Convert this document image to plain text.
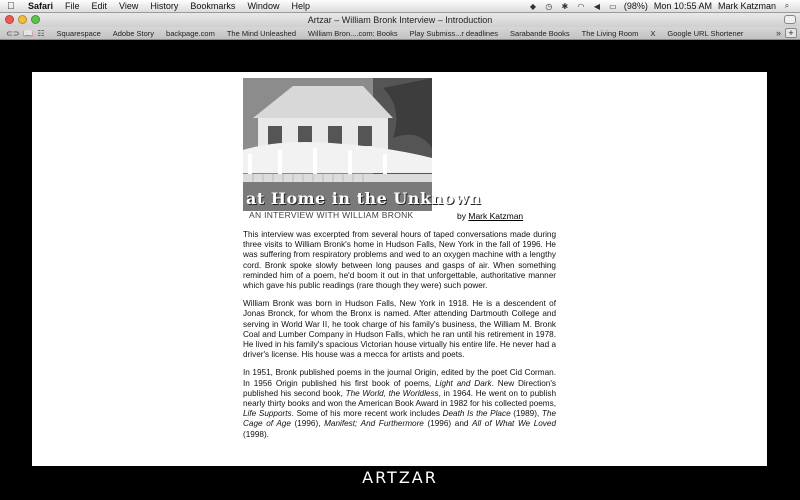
Safari	File	Edit	View	History	Bookmarks	Window	Help	◆ ◷ ✱ ◠ ◀ ▭ (98%) Mon 10:55 AM Mark Katzman	⌕
Artzar – William Bronk Interview – Introduction
⊂⊃ 📖 ☷	Squarespace	Adobe Story	backpage.com	The Mind Unleashed	William Bron....com: Books	Play Submiss...r deadlines	Sarabande Books	The Living Room	X	Google URL Shortener	» +
at Home in the Unknown
AN INTERVIEW WITH WILLIAM BRONK	by Mark Katzman

This interview was excerpted from several hours of taped conversations made during three visits to William Bronk's home in Hudson Falls, New York in the fall of 1996. He was suffering from respiratory problems and wed to an oxygen machine with a lengthy cord. Bronk spoke slowly between long pauses and gasps of air. When something reminded him of a poem, he'd boom it out in that unforgettable, authoritative manner which gave his public readings (rare though they were) such power.

William Bronk was born in Hudson Falls, New York in 1918. He is a descendent of Jonas Bronck, for whom the Bronx is named. After attending Dartmouth College and serving in World War II, he took charge of his family's business, the William M. Bronk Coal and Lumber Company in Hudson Falls, which he ran until his retirement in 1978. He lived in his family's spacious Victorian house virtually his entire life. He never had a driver's license. His house was a mecca for artists and poets.

In 1951, Bronk published poems in the journal Origin, edited by the poet Cid Corman. In 1956 Origin published his first book of poems, Light and Dark. New Direction's published his second book, The World, the Worldless, in 1964. He went on to publish nearly thirty books and won the American Book Award in 1982 for his collected poems, Life Supports. Some of his more recent work includes Death Is the Place (1989), The Cage of Age (1996), Manifest; And Furthermore (1996) and All of What We Loved (1998).

ARTZAR
